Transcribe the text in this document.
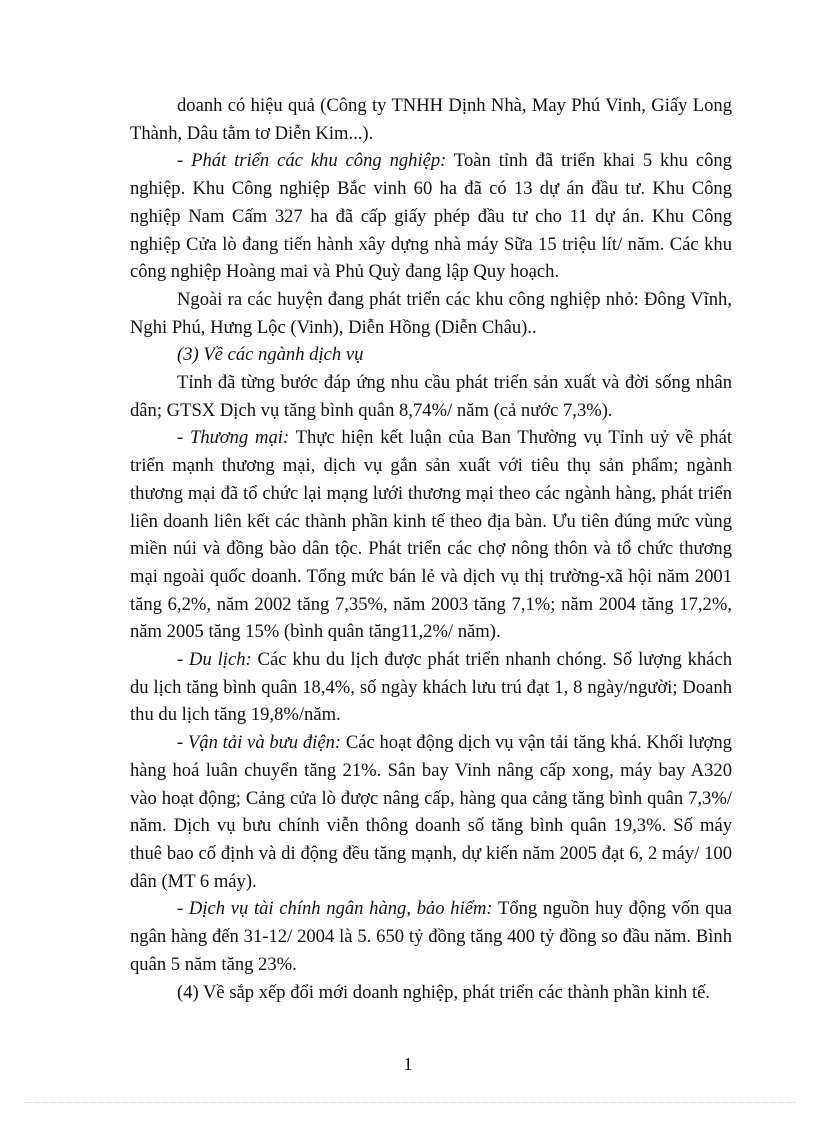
doanh có hiệu quả (Công ty TNHH Dịnh Nhà, May Phú Vinh, Giấy Long Thành, Dâu tằm tơ Diễn Kim...).

- Phát triển các khu công nghiệp: Toàn tỉnh đã triển khai 5 khu công nghiệp. Khu Công nghiệp Bắc vinh 60 ha đã có 13 dự án đầu tư. Khu Công nghiệp Nam Cấm 327 ha đã cấp giấy phép đầu tư cho 11 dự án. Khu Công nghiệp Cửa lò đang tiến hành xây dựng nhà máy Sữa 15 triệu lít/ năm. Các khu công nghiệp Hoàng mai và Phủ Quỳ đang lập Quy hoạch.

Ngoài ra các huyện đang phát triển các khu công nghiệp nhỏ: Đông Vĩnh, Nghi Phú, Hưng Lộc (Vinh), Diễn Hồng (Diễn Châu)..

(3) Về các ngành dịch vụ

Tỉnh đã từng bước đáp ứng nhu cầu phát triển sản xuất và đời sống nhân dân; GTSX Dịch vụ tăng bình quân 8,74%/ năm (cả nước 7,3%).

- Thương mại: Thực hiện kết luận của Ban Thường vụ Tỉnh uỷ về phát triển mạnh thương mại, dịch vụ gắn sản xuất với tiêu thụ sản phẩm; ngành thương mại đã tổ chức lại mạng lưới thương mại theo các ngành hàng, phát triển liên doanh liên kết các thành phần kinh tế theo địa bàn. Ưu tiên đúng mức vùng miền núi và đồng bào dân tộc. Phát triển các chợ nông thôn và tổ chức thương mại ngoài quốc doanh. Tổng mức bán lẻ và dịch vụ thị trường-xã hội năm 2001 tăng 6,2%, năm 2002 tăng 7,35%, năm 2003 tăng 7,1%; năm 2004 tăng 17,2%, năm 2005 tăng 15% (bình quân tăng11,2%/ năm).

- Du lịch: Các khu du lịch được phát triển nhanh chóng. Số lượng khách du lịch tăng bình quân 18,4%, số ngày khách lưu trú đạt 1, 8 ngày/người; Doanh thu du lịch tăng 19,8%/năm.

- Vận tải và bưu điện: Các hoạt động dịch vụ vận tải tăng khá. Khối lượng hàng hoá luân chuyển tăng 21%. Sân bay Vinh nâng cấp xong, máy bay A320 vào hoạt động; Cảng cửa lò được nâng cấp, hàng qua cảng tăng bình quân 7,3%/ năm. Dịch vụ bưu chính viễn thông doanh số tăng bình quân 19,3%. Số máy thuê bao cố định và di động đều tăng mạnh, dự kiến năm 2005 đạt 6, 2 máy/ 100 dân (MT 6 máy).

- Dịch vụ tài chính ngân hàng, bảo hiểm: Tổng nguồn huy động vốn qua ngân hàng đến 31-12/ 2004 là 5. 650 tỷ đồng tăng 400 tỷ đồng so đầu năm. Bình quân 5 năm tăng 23%.

(4) Về sắp xếp đổi mới doanh nghiệp, phát triển các thành phần kinh tế.

1
